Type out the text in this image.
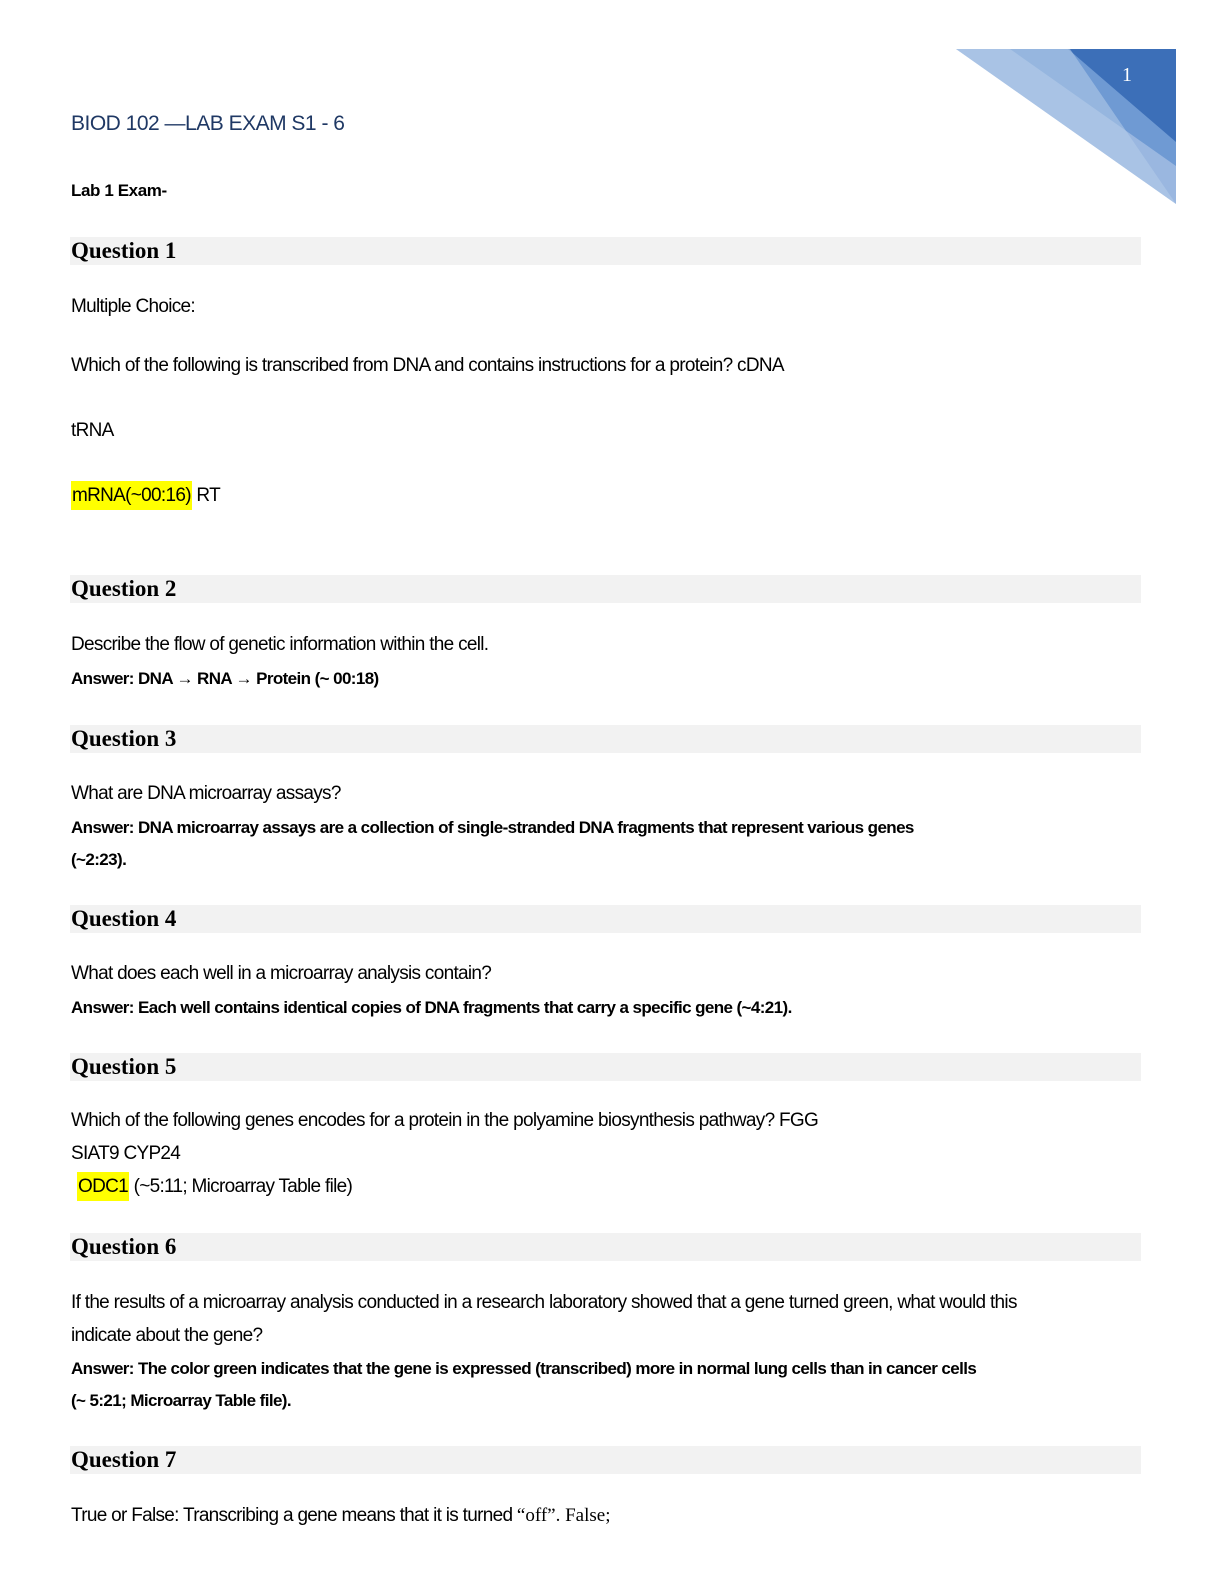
1
BIOD 102 —LAB EXAM S1 - 6
Lab 1 Exam-
Question 1
Multiple Choice:
Which of the following is transcribed from DNA and contains instructions for a protein? cDNA
tRNA
mRNA(~00:16) RT
Question 2
Describe the flow of genetic information within the cell.
Answer: DNA → RNA → Protein (~ 00:18)
Question 3
What are DNA microarray assays?
Answer: DNA microarray assays are a collection of single-stranded DNA fragments that represent various genes
(~2:23).
Question 4
What does each well in a microarray analysis contain?
Answer: Each well contains identical copies of DNA fragments that carry a specific gene (~4:21).
Question 5
Which of the following genes encodes for a protein in the polyamine biosynthesis pathway? FGG
SIAT9 CYP24
ODC1 (~5:11; Microarray Table file)
Question 6
If the results of a microarray analysis conducted in a research laboratory showed that a gene turned green, what would this
indicate about the gene?
Answer: The color green indicates that the gene is expressed (transcribed) more in normal lung cells than in cancer cells
(~ 5:21; Microarray Table file).
Question 7
True or False: Transcribing a gene means that it is turned “off”. False;
